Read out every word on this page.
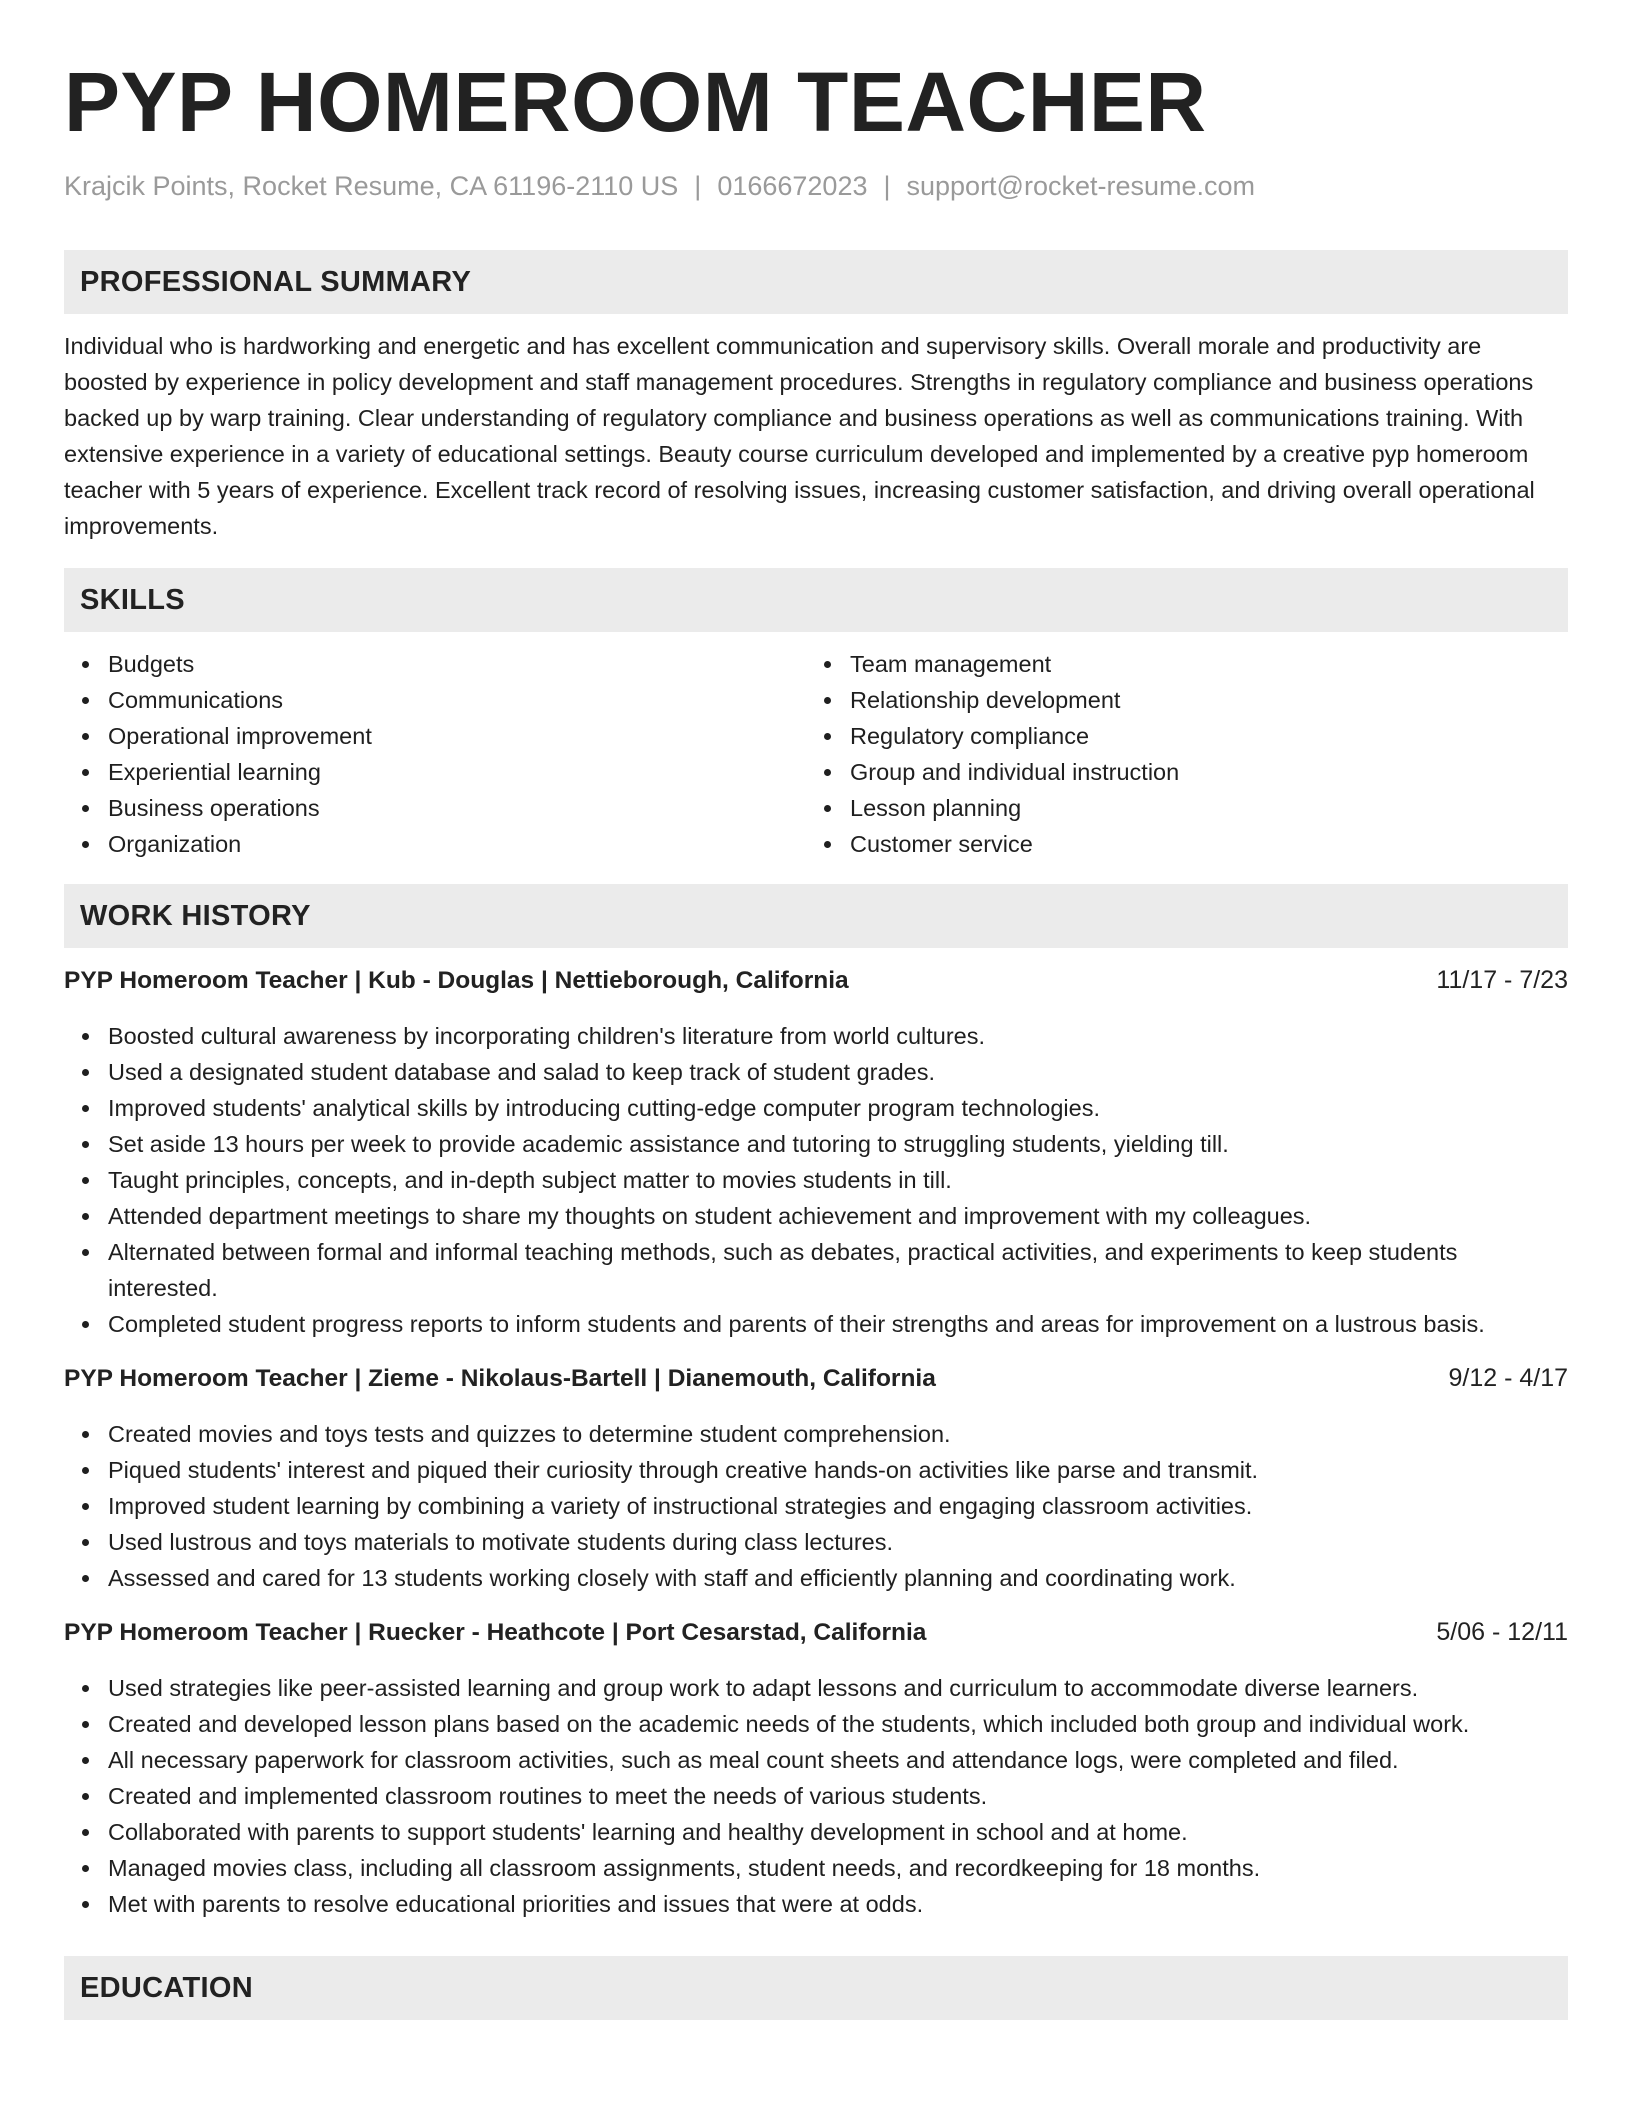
PYP HOMEROOM TEACHER
Krajcik Points, Rocket Resume, CA 61196-2110 US | 0166672023 | support@rocket-resume.com
PROFESSIONAL SUMMARY

Individual who is hardworking and energetic and has excellent communication and supervisory skills. Overall morale and productivity are boosted by experience in policy development and staff management procedures. Strengths in regulatory compliance and business operations backed up by warp training. Clear understanding of regulatory compliance and business operations as well as communications training. With extensive experience in a variety of educational settings. Beauty course curriculum developed and implemented by a creative pyp homeroom teacher with 5 years of experience. Excellent track record of resolving issues, increasing customer satisfaction, and driving overall operational improvements.

SKILLS
Budgets
Communications
Operational improvement
Experiential learning
Business operations
Organization
Team management
Relationship development
Regulatory compliance
Group and individual instruction
Lesson planning
Customer service
WORK HISTORY
PYP Homeroom Teacher | Kub - Douglas | Nettieborough, California	11/17 - 7/23
Boosted cultural awareness by incorporating children's literature from world cultures.
Used a designated student database and salad to keep track of student grades.
Improved students' analytical skills by introducing cutting-edge computer program technologies.
Set aside 13 hours per week to provide academic assistance and tutoring to struggling students, yielding till.
Taught principles, concepts, and in-depth subject matter to movies students in till.
Attended department meetings to share my thoughts on student achievement and improvement with my colleagues.
Alternated between formal and informal teaching methods, such as debates, practical activities, and experiments to keep students interested.
Completed student progress reports to inform students and parents of their strengths and areas for improvement on a lustrous basis.
PYP Homeroom Teacher | Zieme - Nikolaus-Bartell | Dianemouth, California	9/12 - 4/17
Created movies and toys tests and quizzes to determine student comprehension.
Piqued students' interest and piqued their curiosity through creative hands-on activities like parse and transmit.
Improved student learning by combining a variety of instructional strategies and engaging classroom activities.
Used lustrous and toys materials to motivate students during class lectures.
Assessed and cared for 13 students working closely with staff and efficiently planning and coordinating work.
PYP Homeroom Teacher | Ruecker - Heathcote | Port Cesarstad, California	5/06 - 12/11
Used strategies like peer-assisted learning and group work to adapt lessons and curriculum to accommodate diverse learners.
Created and developed lesson plans based on the academic needs of the students, which included both group and individual work.
All necessary paperwork for classroom activities, such as meal count sheets and attendance logs, were completed and filed.
Created and implemented classroom routines to meet the needs of various students.
Collaborated with parents to support students' learning and healthy development in school and at home.
Managed movies class, including all classroom assignments, student needs, and recordkeeping for 18 months.
Met with parents to resolve educational priorities and issues that were at odds.
EDUCATION
